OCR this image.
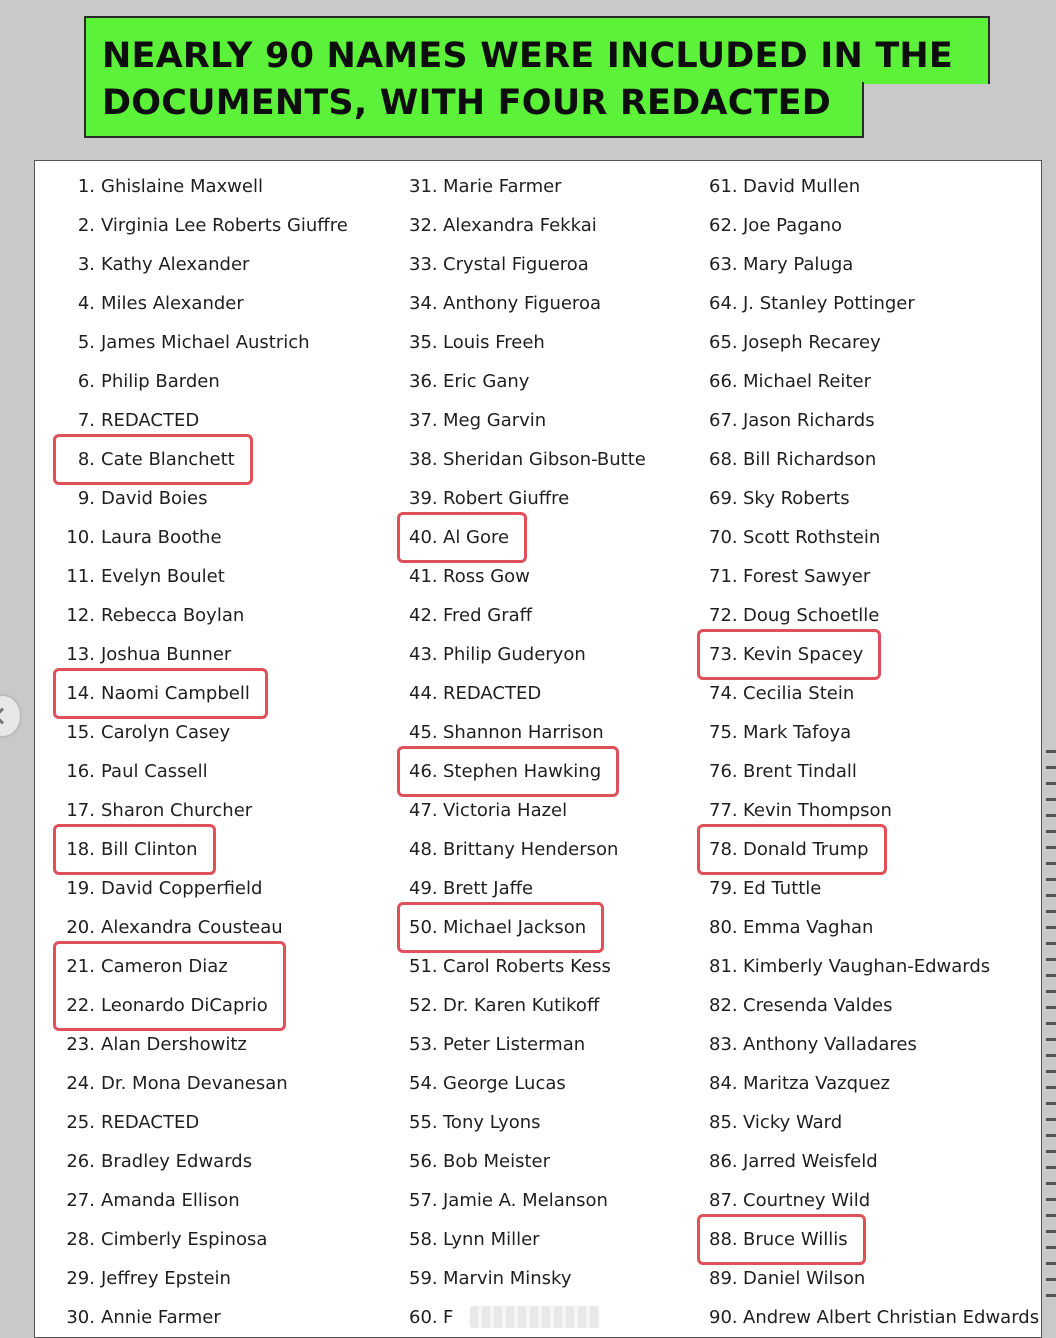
NEARLY 90 NAMES WERE INCLUDED IN THE
DOCUMENTS, WITH FOUR REDACTED
1. Ghislaine Maxwell
2. Virginia Lee Roberts Giuffre
3. Kathy Alexander
4. Miles Alexander
5. James Michael Austrich
6. Philip Barden
7. REDACTED
8. Cate Blanchett
9. David Boies
10. Laura Boothe
11. Evelyn Boulet
12. Rebecca Boylan
13. Joshua Bunner
14. Naomi Campbell
15. Carolyn Casey
16. Paul Cassell
17. Sharon Churcher
18. Bill Clinton
19. David Copperfield
20. Alexandra Cousteau
21. Cameron Diaz
22. Leonardo DiCaprio
23. Alan Dershowitz
24. Dr. Mona Devanesan
25. REDACTED
26. Bradley Edwards
27. Amanda Ellison
28. Cimberly Espinosa
29. Jeffrey Epstein
30. Annie Farmer
31. Marie Farmer
32. Alexandra Fekkai
33. Crystal Figueroa
34. Anthony Figueroa
35. Louis Freeh
36. Eric Gany
37. Meg Garvin
38. Sheridan Gibson-Butte
39. Robert Giuffre
40. Al Gore
41. Ross Gow
42. Fred Graff
43. Philip Guderyon
44. REDACTED
45. Shannon Harrison
46. Stephen Hawking
47. Victoria Hazel
48. Brittany Henderson
49. Brett Jaffe
50. Michael Jackson
51. Carol Roberts Kess
52. Dr. Karen Kutikoff
53. Peter Listerman
54. George Lucas
55. Tony Lyons
56. Bob Meister
57. Jamie A. Melanson
58. Lynn Miller
59. Marvin Minsky
60. F
61. David Mullen
62. Joe Pagano
63. Mary Paluga
64. J. Stanley Pottinger
65. Joseph Recarey
66. Michael Reiter
67. Jason Richards
68. Bill Richardson
69. Sky Roberts
70. Scott Rothstein
71. Forest Sawyer
72. Doug Schoetlle
73. Kevin Spacey
74. Cecilia Stein
75. Mark Tafoya
76. Brent Tindall
77. Kevin Thompson
78. Donald Trump
79. Ed Tuttle
80. Emma Vaghan
81. Kimberly Vaughan-Edwards
82. Cresenda Valdes
83. Anthony Valladares
84. Maritza Vazquez
85. Vicky Ward
86. Jarred Weisfeld
87. Courtney Wild
88. Bruce Willis
89. Daniel Wilson
90. Andrew Albert Christian Edwards
